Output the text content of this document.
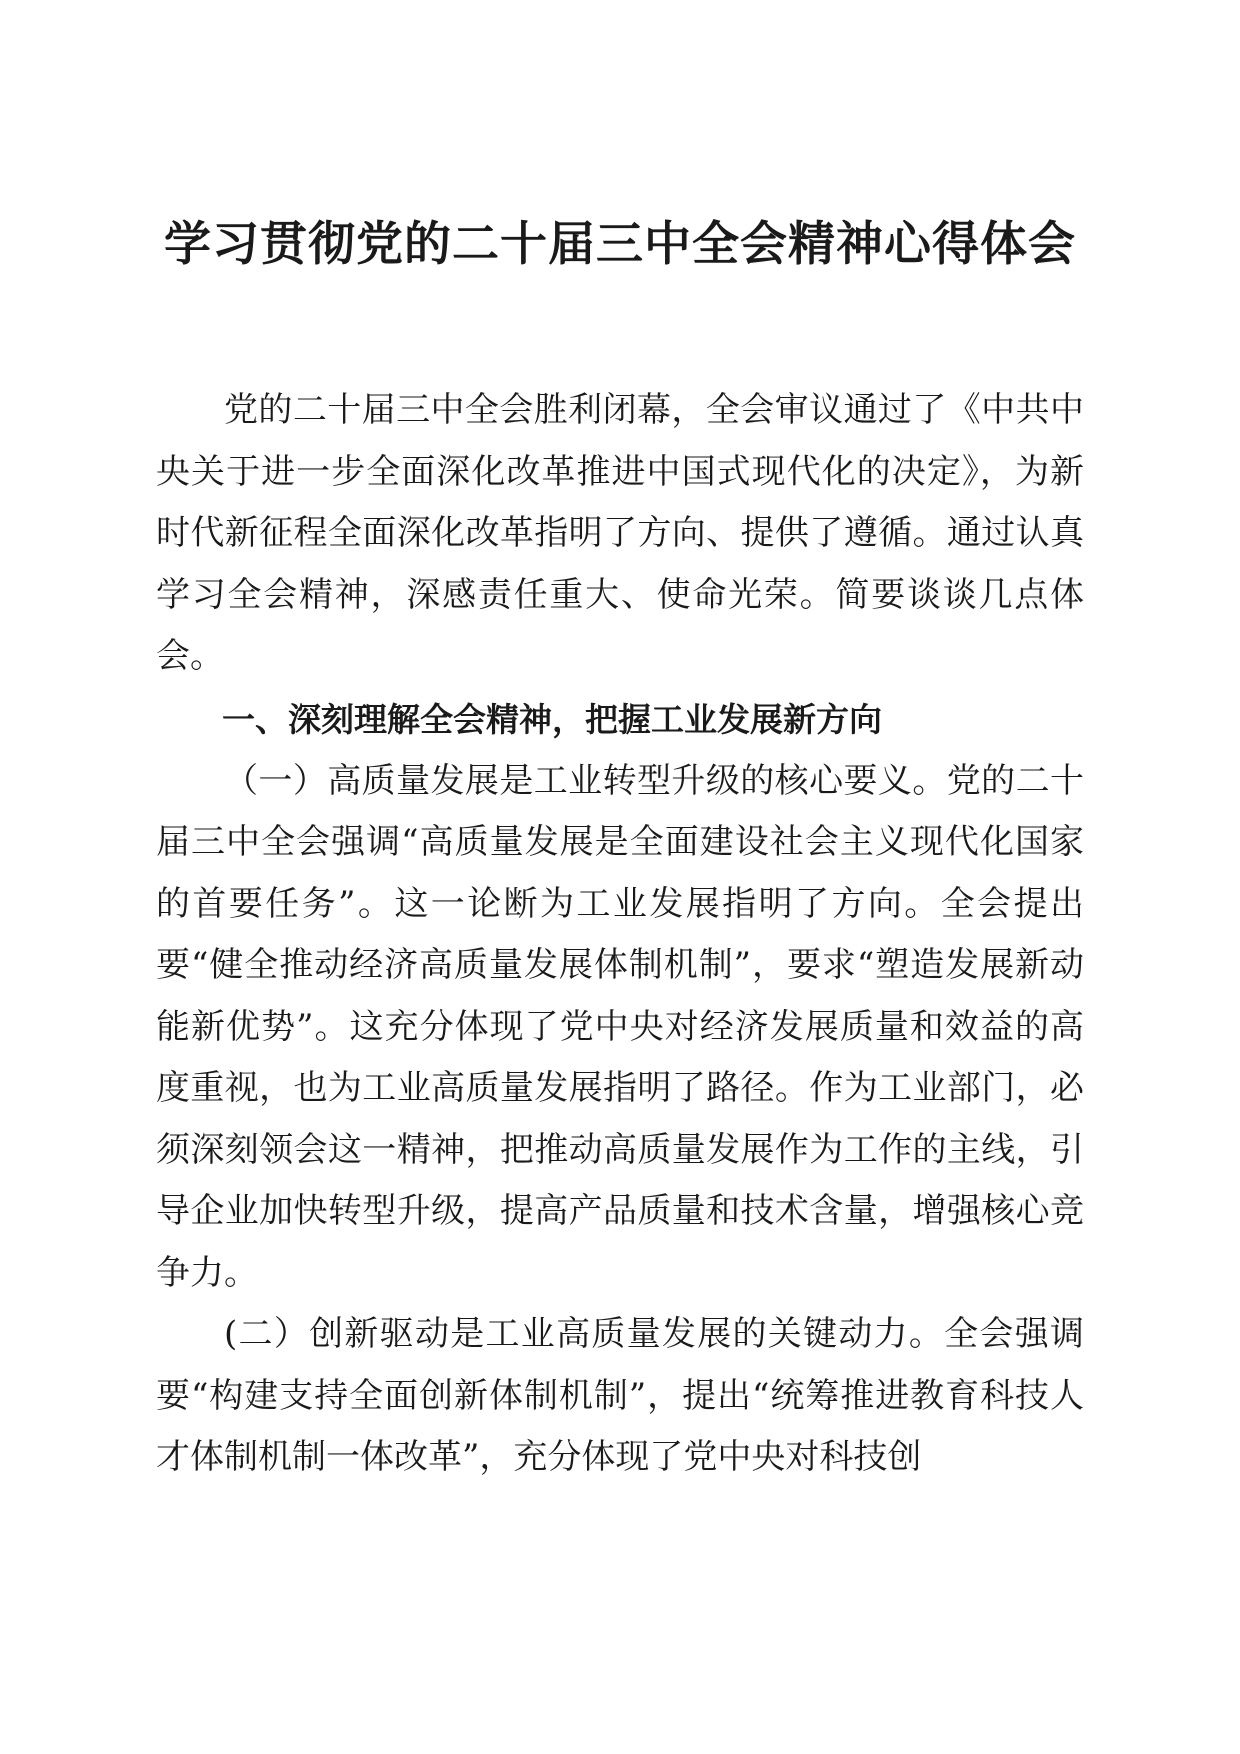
学习贯彻党的二十届三中全会精神心得体会

党的二十届三中全会胜利闭幕，全会审议通过了《中共中央关于进一步全面深化改革推进中国式现代化的决定》，为新时代新征程全面深化改革指明了方向、提供了遵循。通过认真学习全会精神，深感责任重大、使命光荣。简要谈谈几点体会。

一、深刻理解全会精神，把握工业发展新方向

（一）高质量发展是工业转型升级的核心要义。党的二十届三中全会强调“高质量发展是全面建设社会主义现代化国家的首要任务”。这一论断为工业发展指明了方向。全会提出要“健全推动经济高质量发展体制机制”，要求“塑造发展新动能新优势”。这充分体现了党中央对经济发展质量和效益的高度重视，也为工业高质量发展指明了路径。作为工业部门，必须深刻领会这一精神，把推动高质量发展作为工作的主线，引导企业加快转型升级，提高产品质量和技术含量，增强核心竞争力。

(二）创新驱动是工业高质量发展的关键动力。全会强调要“构建支持全面创新体制机制”，提出“统筹推进教育科技人才体制机制一体改革”，充分体现了党中央对科技创
